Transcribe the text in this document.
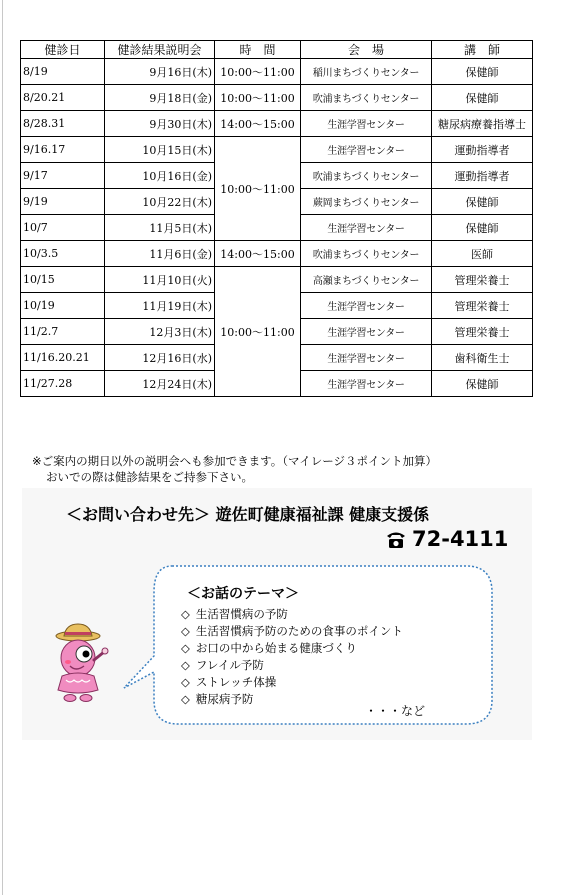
健診日	健診結果説明会	時　間	会　場	講　師
8/19	9月16日(木)	10:00～11:00	稲川まちづくりセンター	保健師
8/20.21	9月18日(金)	10:00～11:00	吹浦まちづくりセンター	保健師
8/28.31	9月30日(木)	14:00～15:00	生涯学習センター	糖尿病療養指導士
9/16.17	10月15日(木)	10:00～11:00	生涯学習センター	運動指導者
9/17	10月16日(金)		吹浦まちづくりセンター	運動指導者
9/19	10月22日(木)		蕨岡まちづくりセンター	保健師
10/7	11月5日(木)		生涯学習センター	保健師
10/3.5	11月6日(金)	14:00～15:00	吹浦まちづくりセンター	医師
10/15	11月10日(火)	10:00～11:00	高瀬まちづくりセンター	管理栄養士
10/19	11月19日(木)		生涯学習センター	管理栄養士
11/2.7	12月3日(木)		生涯学習センター	管理栄養士
11/16.20.21	12月16日(水)		生涯学習センター	歯科衛生士
11/27.28	12月24日(木)		生涯学習センター	保健師
※ご案内の期日以外の説明会へも参加できます。（マイレージ３ポイント加算）
おいでの際は健診結果をご持参下さい。
＜お問い合わせ先＞ 遊佐町健康福祉課 健康支援係
72-4111
＜お話のテーマ＞
◇ 生活習慣病の予防
◇ 生活習慣病予防のための食事のポイント
◇ お口の中から始まる健康づくり
◇ フレイル予防
◇ ストレッチ体操
◇ 糖尿病予防
・・・など
